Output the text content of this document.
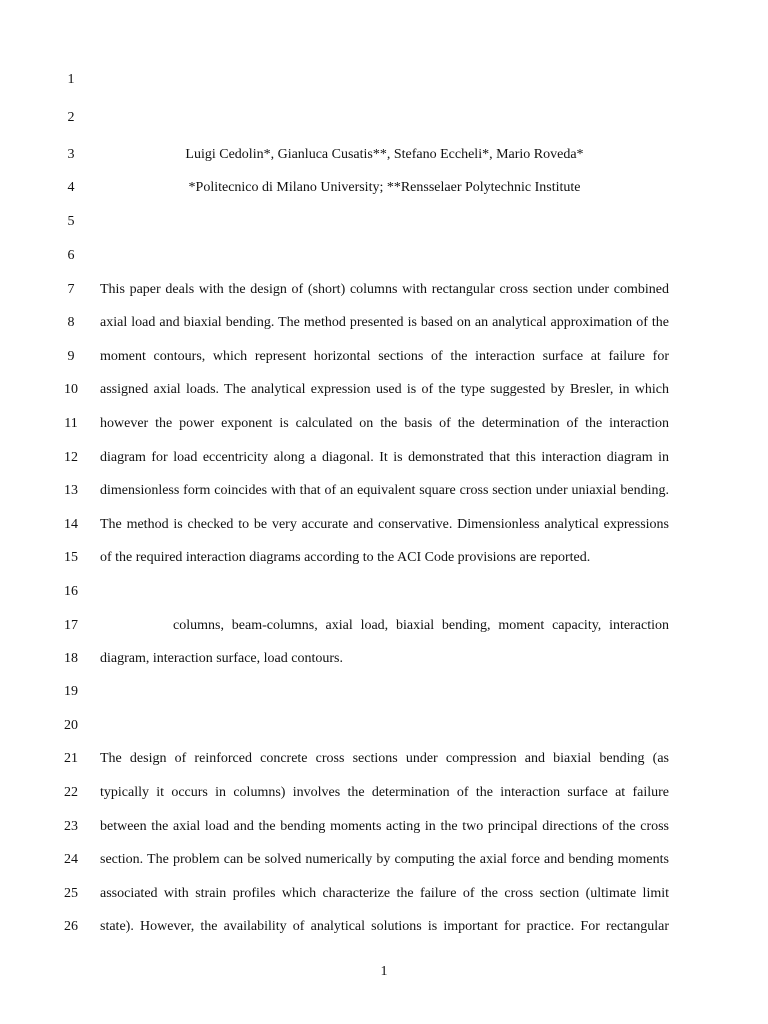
1
2
3	Luigi Cedolin*, Gianluca Cusatis**, Stefano Eccheli*, Mario Roveda*
4	*Politecnico di Milano University; **Rensselaer Polytechnic Institute
5
6
7	This paper deals with the design of (short) columns with rectangular cross section under combined
8	axial load and biaxial bending. The method presented is based on an analytical approximation of the
9	moment contours, which represent horizontal sections of the interaction surface at failure for
10	assigned axial loads. The analytical expression used is of the type suggested by Bresler, in which
11	however the power exponent is calculated on the basis of the determination of the interaction
12	diagram for load eccentricity along a diagonal. It is demonstrated that this interaction diagram in
13	dimensionless form coincides with that of an equivalent square cross section under uniaxial bending.
14	The method is checked to be very accurate and conservative. Dimensionless analytical expressions
15	of the required interaction diagrams according to the ACI Code provisions are reported.
16
17	columns, beam-columns, axial load, biaxial bending, moment capacity, interaction
18	diagram, interaction surface, load contours.
19
20
21	The design of reinforced concrete cross sections under compression and biaxial bending (as
22	typically it occurs in columns) involves the determination of the interaction surface at failure
23	between the axial load and the bending moments acting in the two principal directions of the cross
24	section. The problem can be solved numerically by computing the axial force and bending moments
25	associated with strain profiles which characterize the failure of the cross section (ultimate limit
26	state). However, the availability of analytical solutions is important for practice. For rectangular
1
